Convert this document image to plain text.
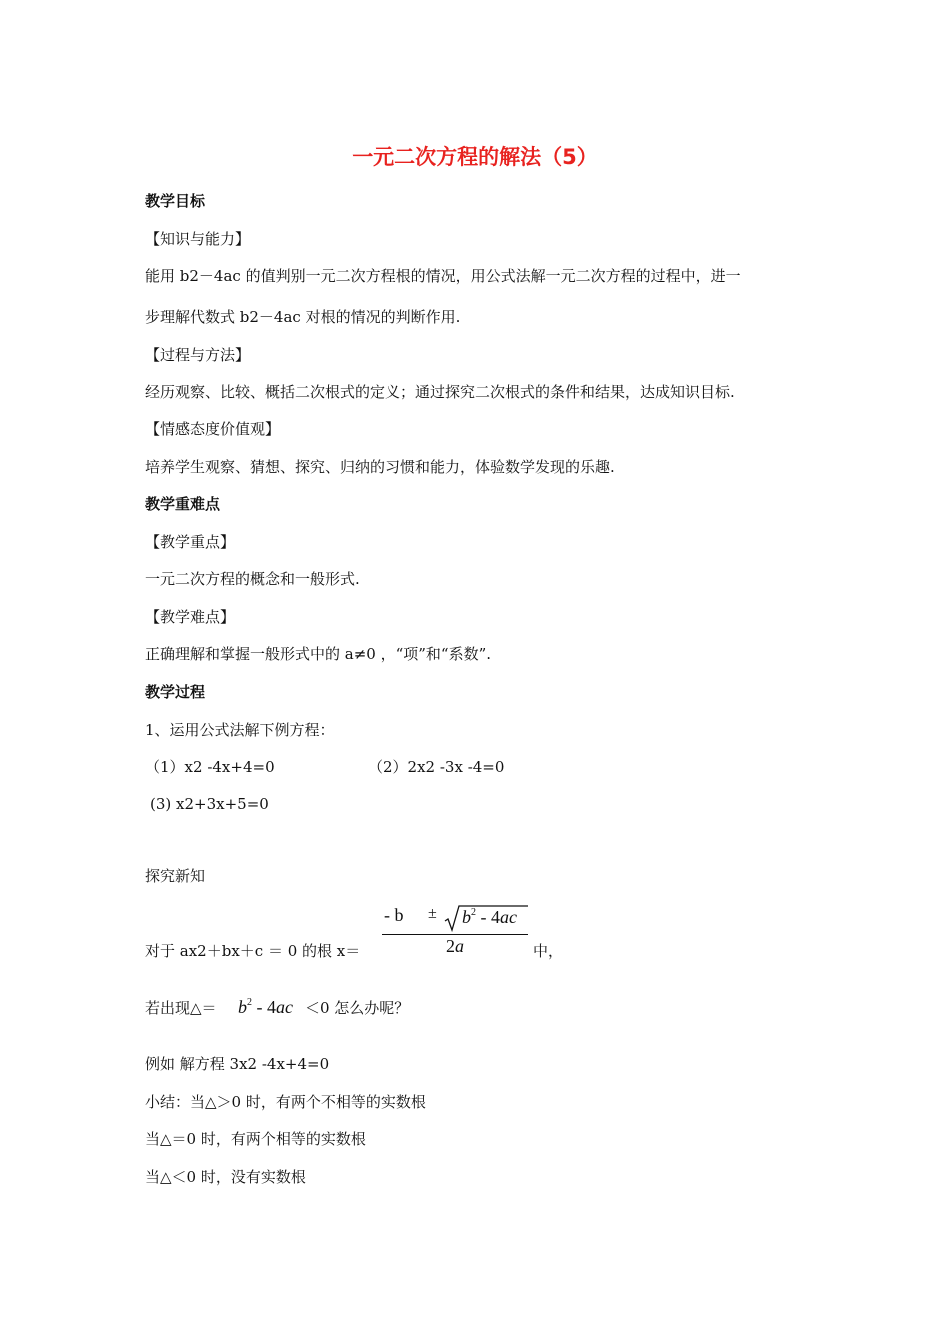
一元二次方程的解法（5）
教学目标
【知识与能力】
能用 b2－4ac 的值判别一元二次方程根的情况，用公式法解一元二次方程的过程中，进一
步理解代数式 b2－4ac 对根的情况的判断作用.
【过程与方法】
经历观察、比较、概括二次根式的定义；通过探究二次根式的条件和结果，达成知识目标.
【情感态度价值观】
培养学生观察、猜想、探究、归纳的习惯和能力，体验数学发现的乐趣.
教学重难点
【教学重点】
一元二次方程的概念和一般形式.
【教学难点】
正确理解和掌握一般形式中的 a≠0 ，“项”和“系数”.
教学过程
1、运用公式法解下例方程：
（1）x2 -4x+4=0	（2）2x2 -3x -4=0
(3) x2+3x+5=0
探究新知
对于 ax2＋bx＋c ＝ 0 的根 x＝
- $b \pm b^2 - 4ac$
2a	中，
若出现△＝ $b^2 - 4ac <0$ 怎么办呢？
例如 解方程 3x2 -4x+4=0
小结：当△＞0 时，有两个不相等的实数根
当△＝0 时，有两个相等的实数根
当△＜0 时，没有实数根
